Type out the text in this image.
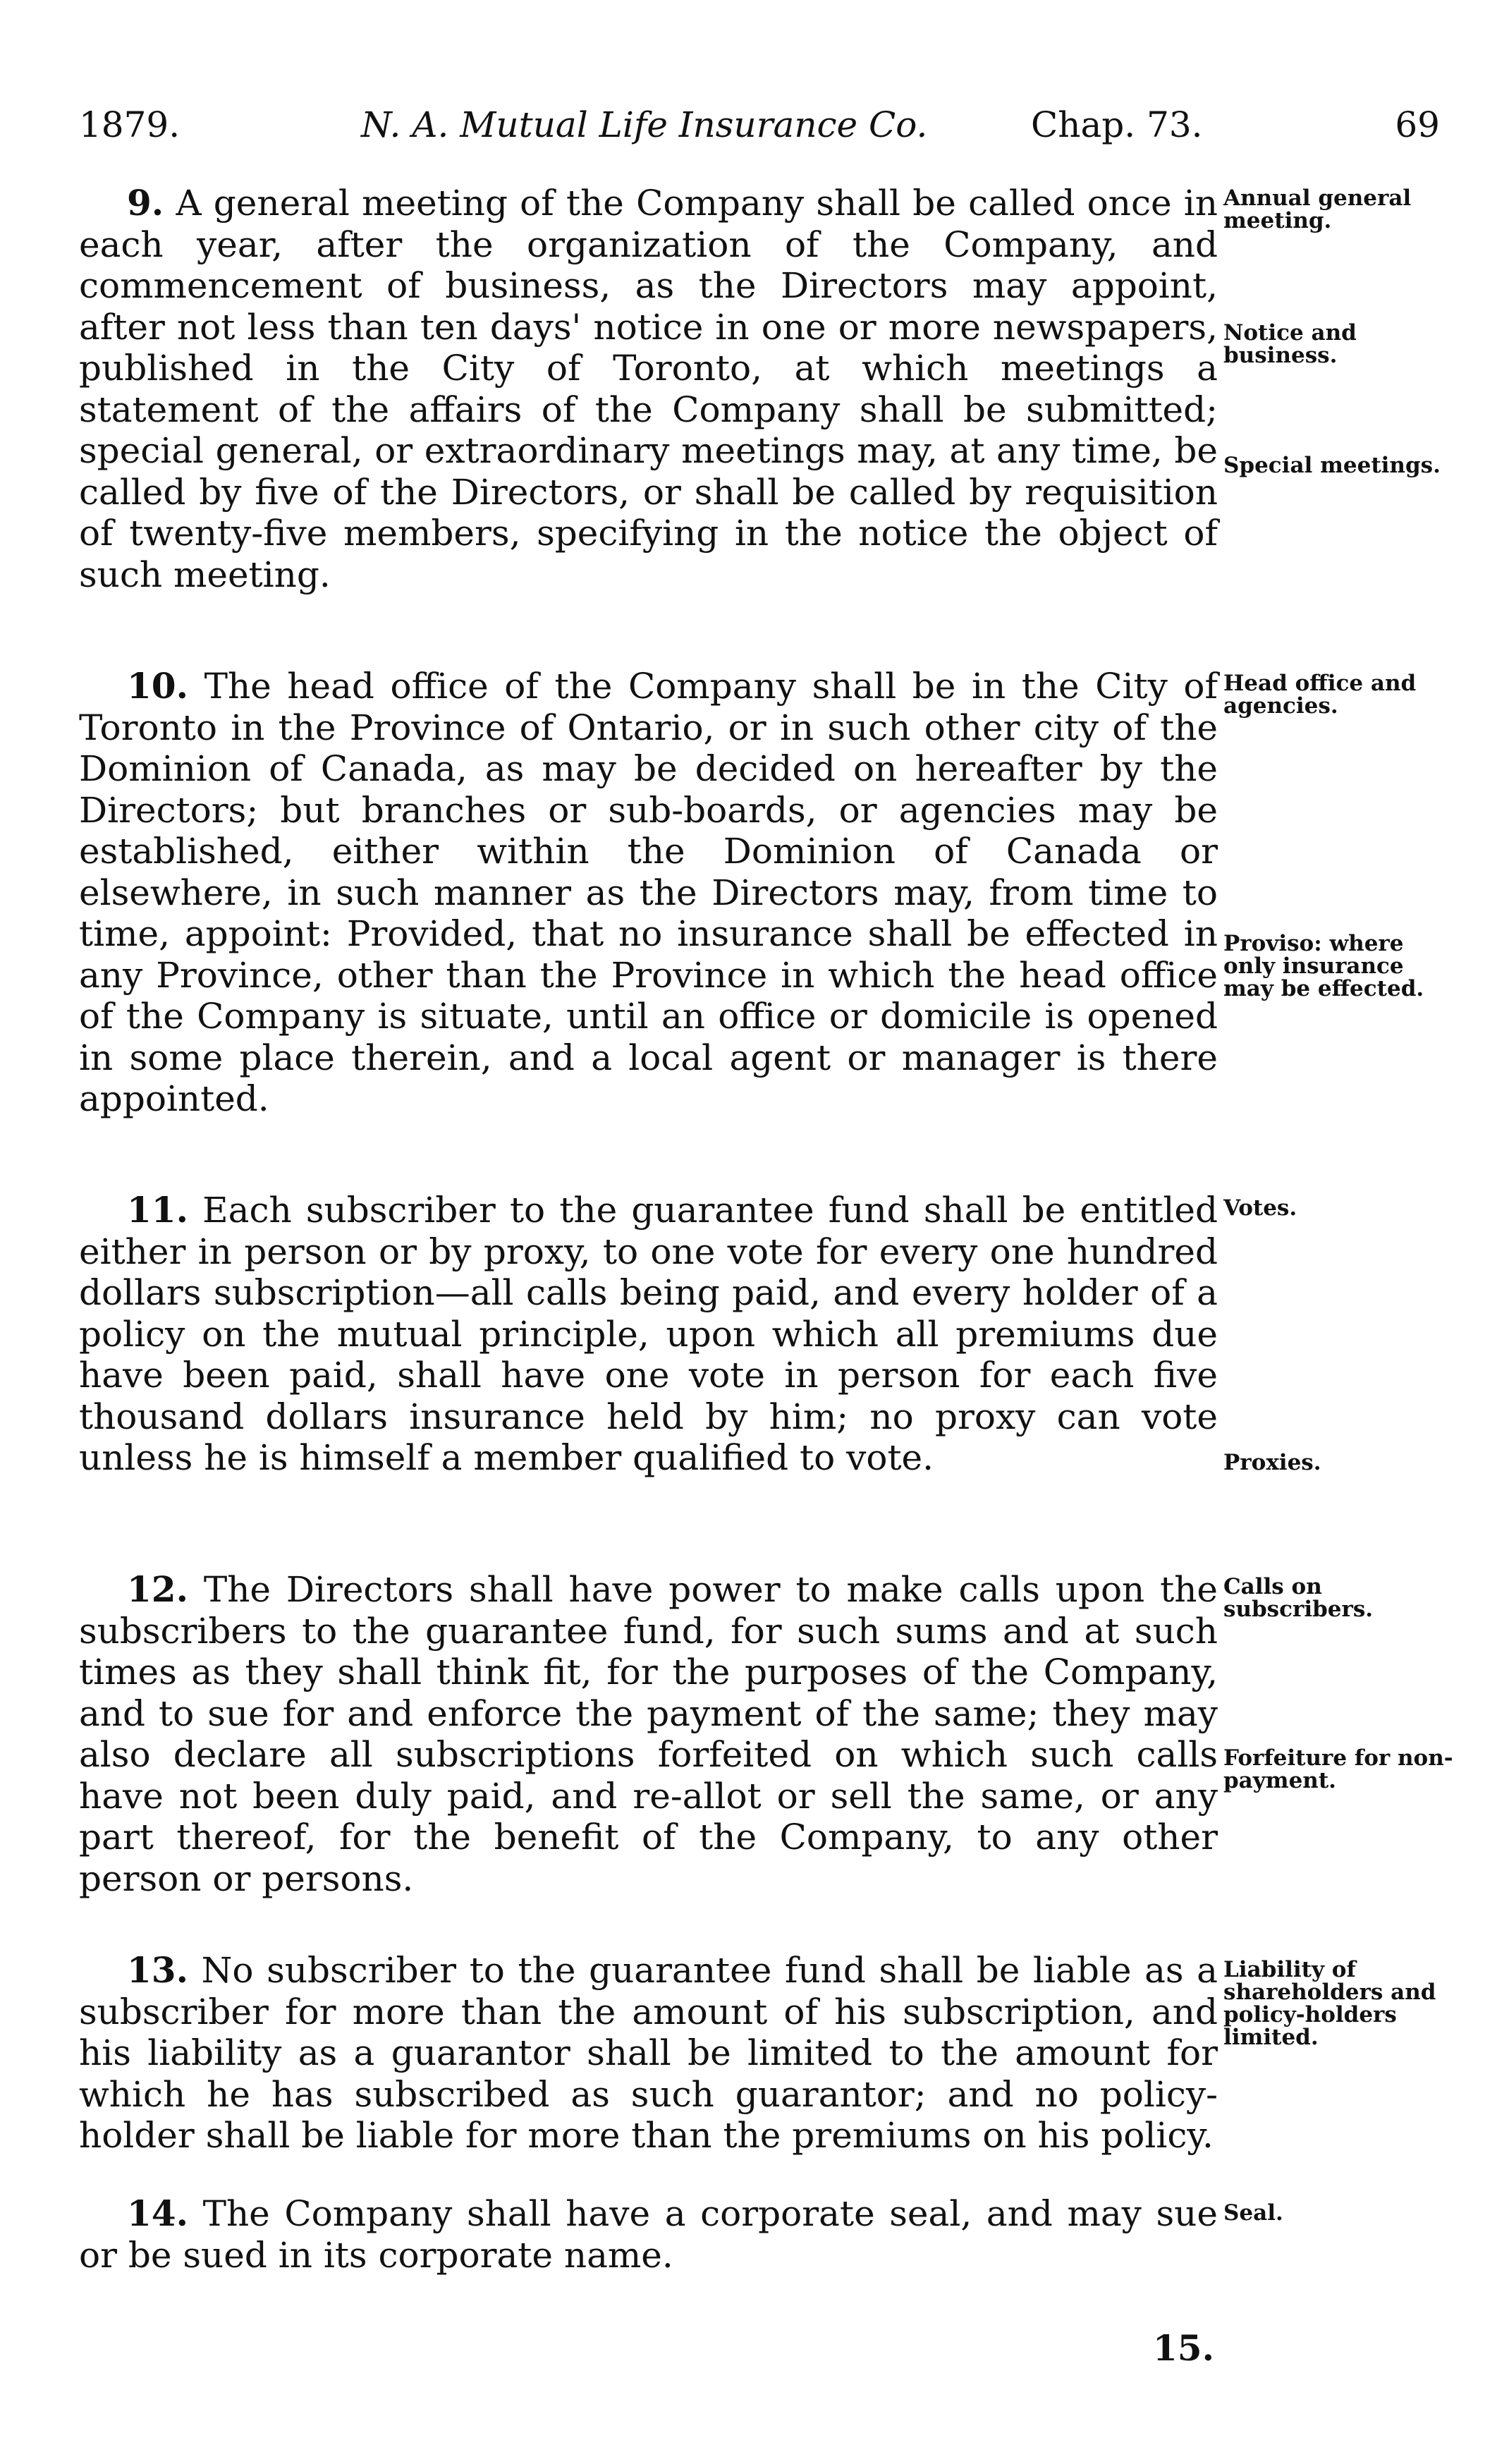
1879.	N. A. Mutual Life Insurance Co.	Chap. 73.	69

9. A general meeting of the Company shall be called once in each year, after the organization of the Company, and commencement of business, as the Directors may appoint, after not less than ten days' notice in one or more newspapers, published in the City of Toronto, at which meetings a statement of the affairs of the Company shall be submitted; special general, or extraordinary meetings may, at any time, be called by five of the Directors, or shall be called by requisition of twenty-five members, specifying in the notice the object of such meeting.

Annual general meeting.

Notice and business.

Special meetings.

10. The head office of the Company shall be in the City of Toronto in the Province of Ontario, or in such other city of the Dominion of Canada, as may be decided on hereafter by the Directors; but branches or sub-boards, or agencies may be established, either within the Dominion of Canada or elsewhere, in such manner as the Directors may, from time to time, appoint: Provided, that no insurance shall be effected in any Province, other than the Province in which the head office of the Company is situate, until an office or domicile is opened in some place therein, and a local agent or manager is there appointed.

Head office and agencies.

Proviso: where only insurance may be effected.

11. Each subscriber to the guarantee fund shall be entitled either in person or by proxy, to one vote for every one hundred dollars subscription—all calls being paid, and every holder of a policy on the mutual principle, upon which all premiums due have been paid, shall have one vote in person for each five thousand dollars insurance held by him; no proxy can vote unless he is himself a member qualified to vote.

Votes.

Proxies.

12. The Directors shall have power to make calls upon the subscribers to the guarantee fund, for such sums and at such times as they shall think fit, for the purposes of the Company, and to sue for and enforce the payment of the same; they may also declare all subscriptions forfeited on which such calls have not been duly paid, and re-allot or sell the same, or any part thereof, for the benefit of the Company, to any other person or persons.

Calls on subscribers.

Forfeiture for non-payment.

13. No subscriber to the guarantee fund shall be liable as a subscriber for more than the amount of his subscription, and his liability as a guarantor shall be limited to the amount for which he has subscribed as such guarantor; and no policy-holder shall be liable for more than the premiums on his policy.

Liability of shareholders and policy-holders limited.

14. The Company shall have a corporate seal, and may sue or be sued in its corporate name.

Seal.

15.
